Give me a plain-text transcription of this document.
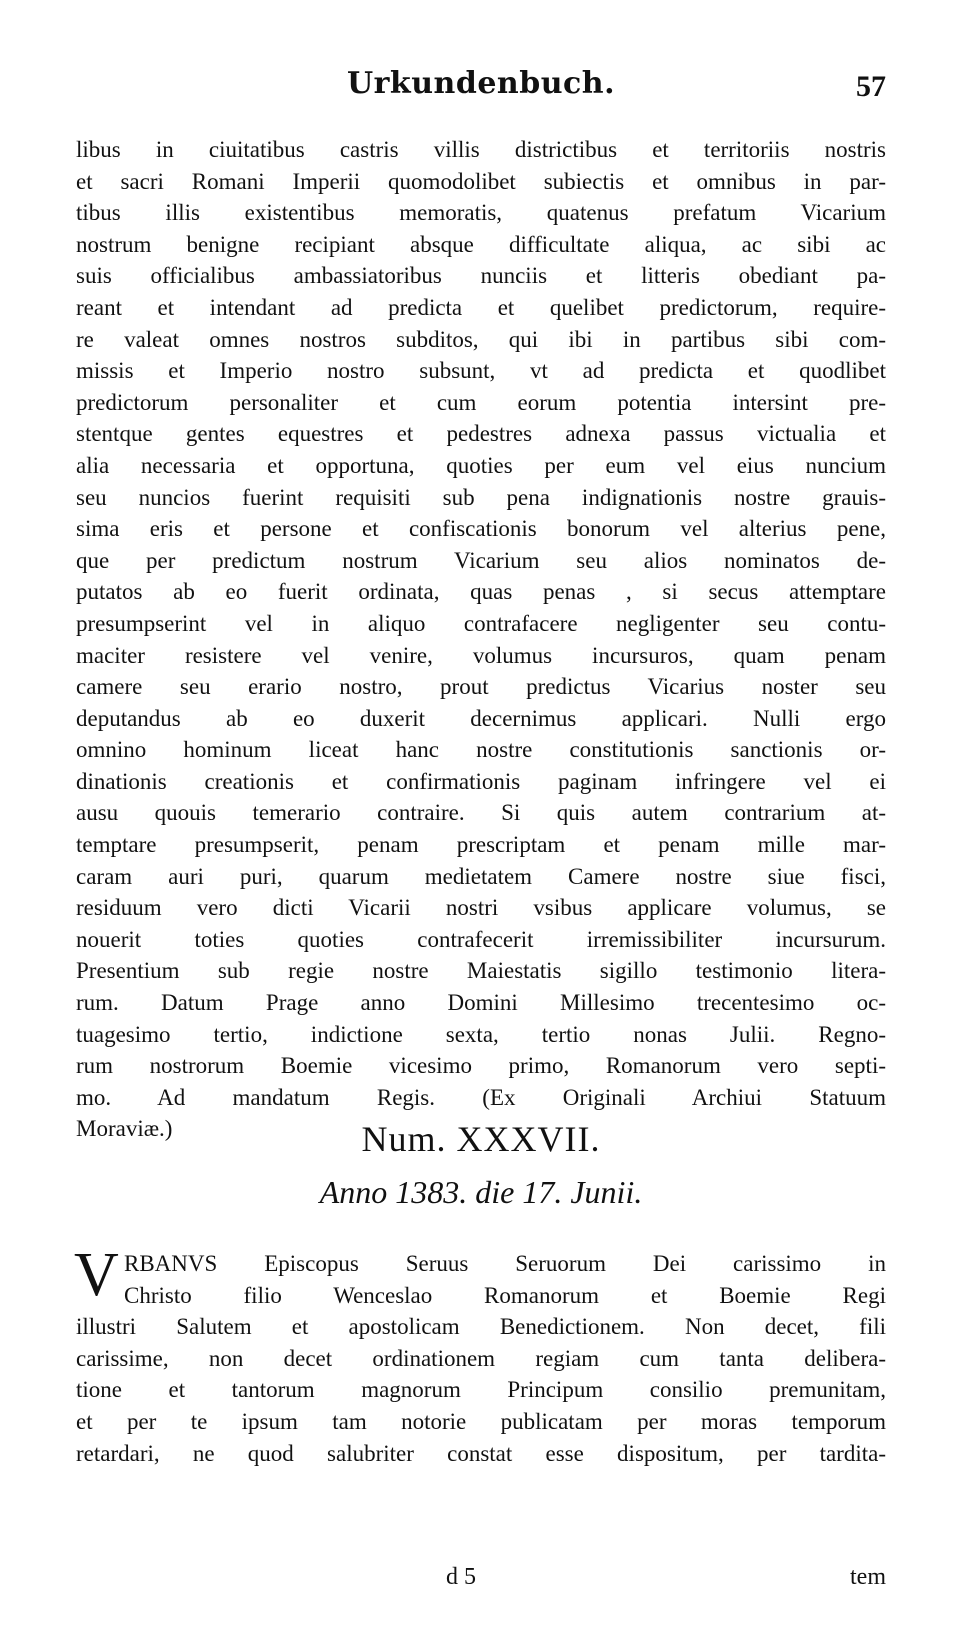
Urkundenbuch.	57
libus in ciuitatibus castris villis districtibus et territoriis nostris
et sacri Romani Imperii quomodolibet subiectis et omnibus in par-
tibus illis existentibus memoratis, quatenus prefatum Vicarium
nostrum benigne recipiant absque difficultate aliqua, ac sibi ac
suis officialibus ambassiatoribus nunciis et litteris obediant pa-
reant et intendant ad predicta et quelibet predictorum, require-
re valeat omnes nostros subditos, qui ibi in partibus sibi com-
missis et Imperio nostro subsunt, vt ad predicta et quodlibet
predictorum personaliter et cum eorum potentia intersint pre-
stentque gentes equestres et pedestres adnexa passus victualia et
alia necessaria et opportuna, quoties per eum vel eius nuncium
seu nuncios fuerint requisiti sub pena indignationis nostre grauis-
sima eris et persone et confiscationis bonorum vel alterius pene,
que per predictum nostrum Vicarium seu alios nominatos de-
putatos ab eo fuerit ordinata, quas penas , si secus attemptare
presumpserint vel in aliquo contrafacere negligenter seu contu-
maciter resistere vel venire, volumus incursuros, quam penam
camere seu erario nostro, prout predictus Vicarius noster seu
deputandus ab eo duxerit decernimus applicari. Nulli ergo
omnino hominum liceat hanc nostre constitutionis sanctionis or-
dinationis creationis et confirmationis paginam infringere vel ei
ausu quouis temerario contraire. Si quis autem contrarium at-
temptare presumpserit, penam prescriptam et penam mille mar-
caram auri puri, quarum medietatem Camere nostre siue fisci,
residuum vero dicti Vicarii nostri vsibus applicare volumus, se
nouerit toties quoties contrafecerit irremissibiliter incursurum.
Presentium sub regie nostre Maiestatis sigillo testimonio litera-
rum. Datum Prage anno Domini Millesimo trecentesimo oc-
tuagesimo tertio, indictione sexta, tertio nonas Julii. Regno-
rum nostrorum Boemie vicesimo primo, Romanorum vero septi-
mo. Ad mandatum Regis. (Ex Originali Archiui Statuum
Moraviæ.)	Num. XXXVII.
Anno 1383. die 17. Junii.
V RBANVS Episcopus Seruus Seruorum Dei carissimo in
Christo filio Wenceslao Romanorum et Boemie Regi
illustri Salutem et apostolicam Benedictionem. Non decet, fili
carissime, non decet ordinationem regiam cum tanta delibera-
tione et tantorum magnorum Principum consilio premunitam,
et per te ipsum tam notorie publicatam per moras temporum
retardari, ne quod salubriter constat esse dispositum, per tardita-
d 5	tem
